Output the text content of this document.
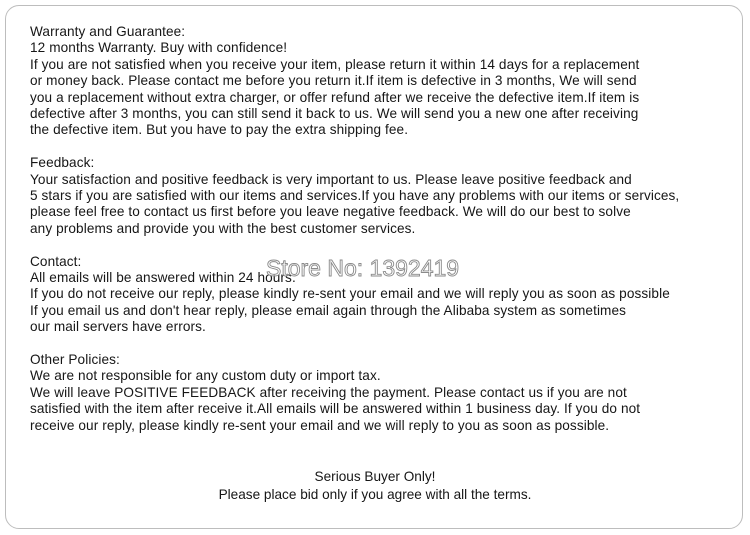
Warranty and Guarantee:
12 months Warranty. Buy with confidence!
If you are not satisfied when you receive your item, please return it within 14 days for a replacement
or money back. Please contact me before you return it.If item is defective in 3 months, We will send
you a replacement without extra charger, or offer refund after we receive the defective item.If item is
defective after 3 months, you can still send it back to us. We will send you a new one after receiving
the defective item. But you have to pay the extra shipping fee.
Feedback:
Your satisfaction and positive feedback is very important to us. Please leave positive feedback and
5 stars if you are satisfied with our items and services.If you have any problems with our items or services,
please feel free to contact us first before you leave negative feedback. We will do our best to solve
any problems and provide you with the best customer services.
Contact:
All emails will be answered within 24 hours.
If you do not receive our reply, please kindly re-sent your email and we will reply you as soon as possible
If you email us and don't hear reply, please email again through the Alibaba system as sometimes
our mail servers have errors.
Other Policies:
We are not responsible for any custom duty or import tax.
We will leave POSITIVE FEEDBACK after receiving the payment. Please contact us if you are not
satisfied with the item after receive it.All emails will be answered within 1 business day. If you do not
receive our reply, please kindly re-sent your email and we will reply to you as soon as possible.
Serious Buyer Only!
Please place bid only if you agree with all the terms.
Store No: 1392419
